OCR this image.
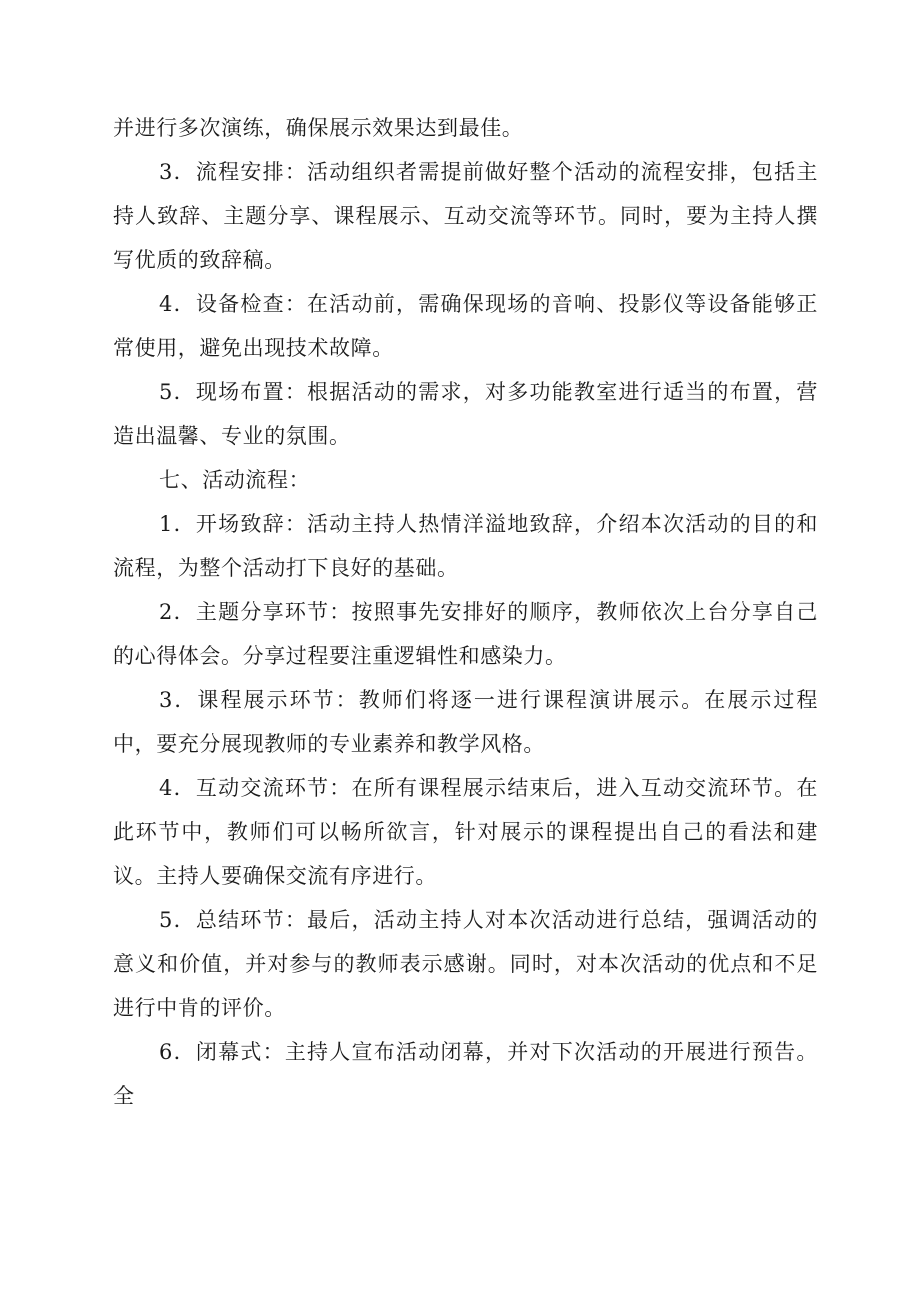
并进行多次演练，确保展示效果达到最佳。

3．流程安排：活动组织者需提前做好整个活动的流程安排，包括主持人致辞、主题分享、课程展示、互动交流等环节。同时，要为主持人撰写优质的致辞稿。

4．设备检查：在活动前，需确保现场的音响、投影仪等设备能够正常使用，避免出现技术故障。

5．现场布置：根据活动的需求，对多功能教室进行适当的布置，营造出温馨、专业的氛围。

七、活动流程：

1．开场致辞：活动主持人热情洋溢地致辞，介绍本次活动的目的和流程，为整个活动打下良好的基础。

2．主题分享环节：按照事先安排好的顺序，教师依次上台分享自己的心得体会。分享过程要注重逻辑性和感染力。

3．课程展示环节：教师们将逐一进行课程演讲展示。在展示过程中，要充分展现教师的专业素养和教学风格。

4．互动交流环节：在所有课程展示结束后，进入互动交流环节。在此环节中，教师们可以畅所欲言，针对展示的课程提出自己的看法和建议。主持人要确保交流有序进行。

5．总结环节：最后，活动主持人对本次活动进行总结，强调活动的意义和价值，并对参与的教师表示感谢。同时，对本次活动的优点和不足进行中肯的评价。

6．闭幕式：主持人宣布活动闭幕，并对下次活动的开展进行预告。全
